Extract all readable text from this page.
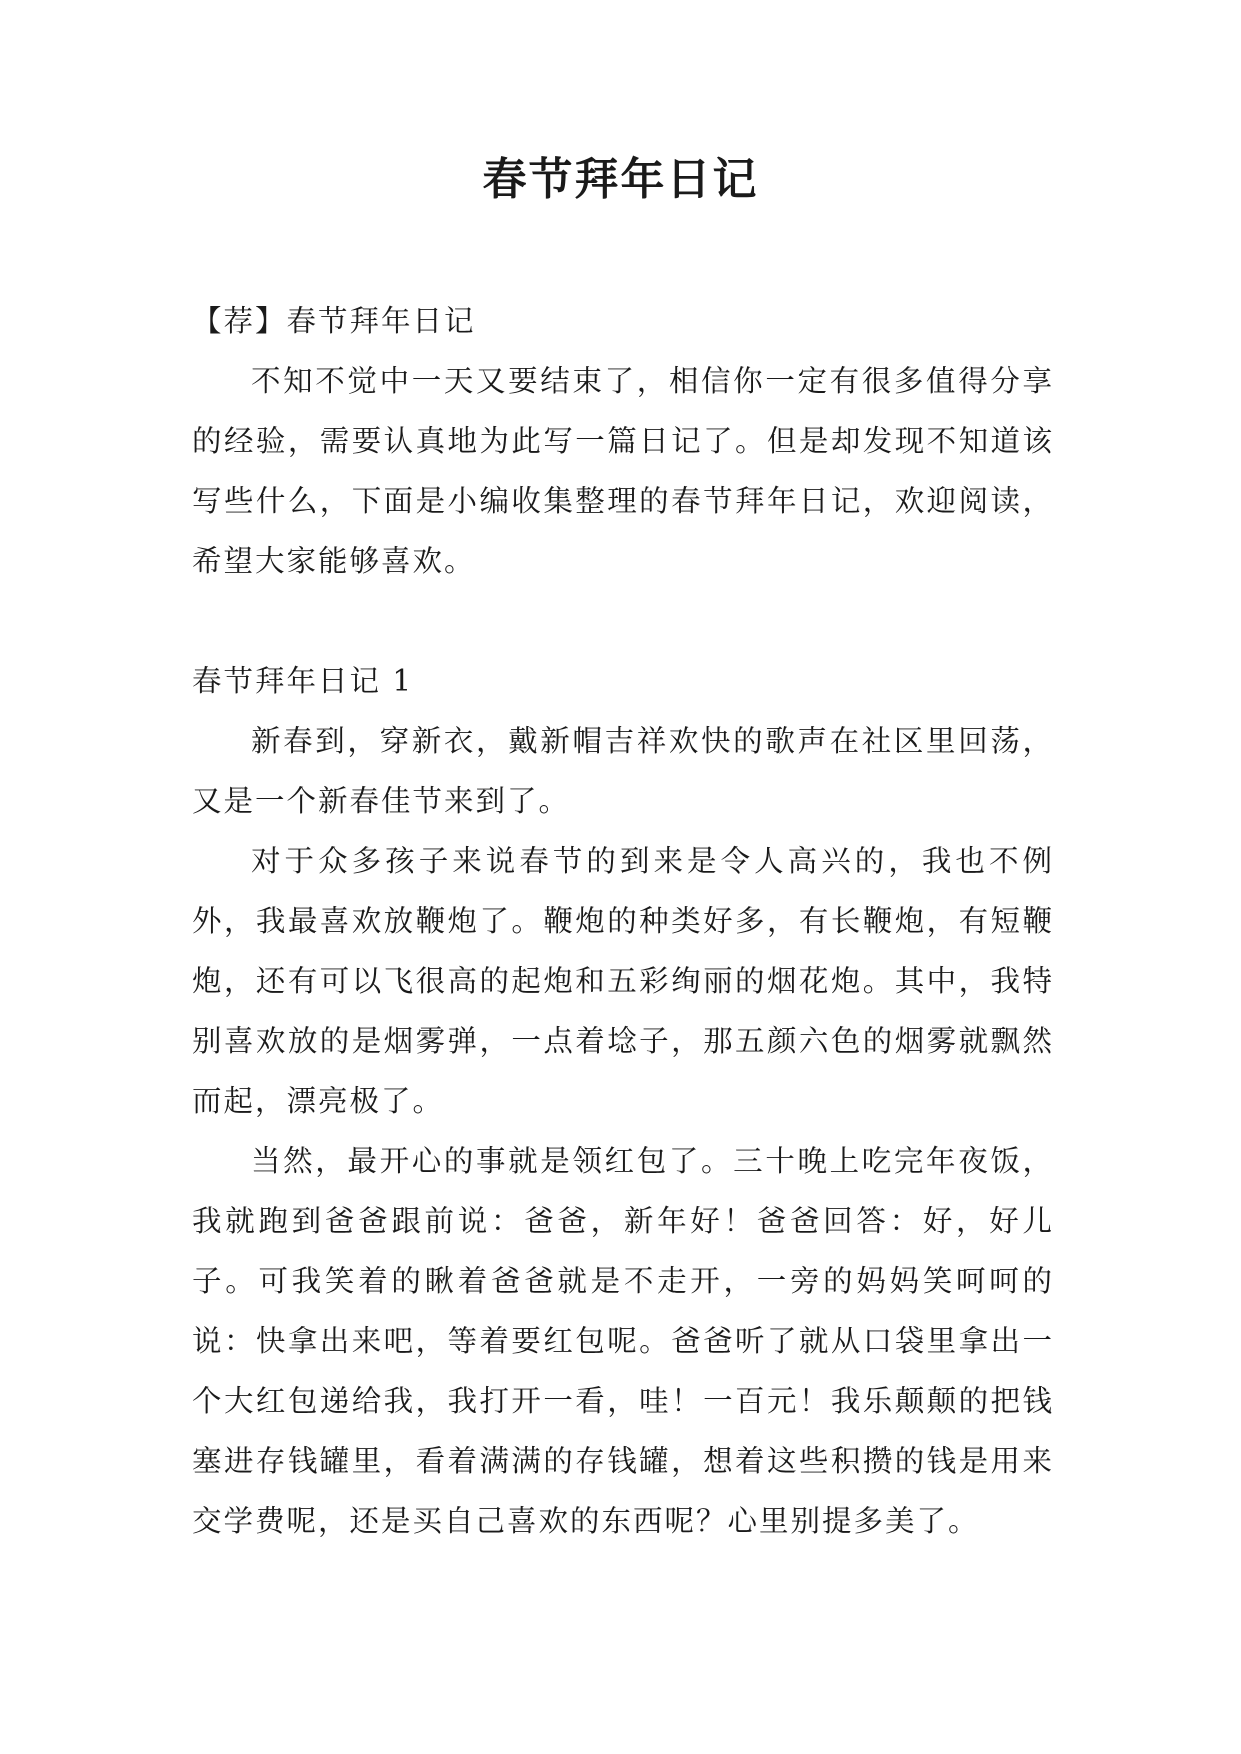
春节拜年日记

【荐】春节拜年日记

不知不觉中一天又要结束了，相信你一定有很多值得分享的经验，需要认真地为此写一篇日记了。但是却发现不知道该写些什么，下面是小编收集整理的春节拜年日记，欢迎阅读，希望大家能够喜欢。

春节拜年日记 1

新春到，穿新衣，戴新帽吉祥欢快的歌声在社区里回荡，又是一个新春佳节来到了。

对于众多孩子来说春节的到来是令人高兴的，我也不例外，我最喜欢放鞭炮了。鞭炮的种类好多，有长鞭炮，有短鞭炮，还有可以飞很高的起炮和五彩绚丽的烟花炮。其中，我特别喜欢放的是烟雾弹，一点着埝子，那五颜六色的烟雾就飘然而起，漂亮极了。

当然，最开心的事就是领红包了。三十晚上吃完年夜饭，我就跑到爸爸跟前说：爸爸，新年好！爸爸回答：好，好儿子。可我笑着的瞅着爸爸就是不走开，一旁的妈妈笑呵呵的说：快拿出来吧，等着要红包呢。爸爸听了就从口袋里拿出一个大红包递给我，我打开一看，哇！一百元！我乐颠颠的把钱塞进存钱罐里，看着满满的存钱罐，想着这些积攒的钱是用来交学费呢，还是买自己喜欢的东西呢？心里别提多美了。
